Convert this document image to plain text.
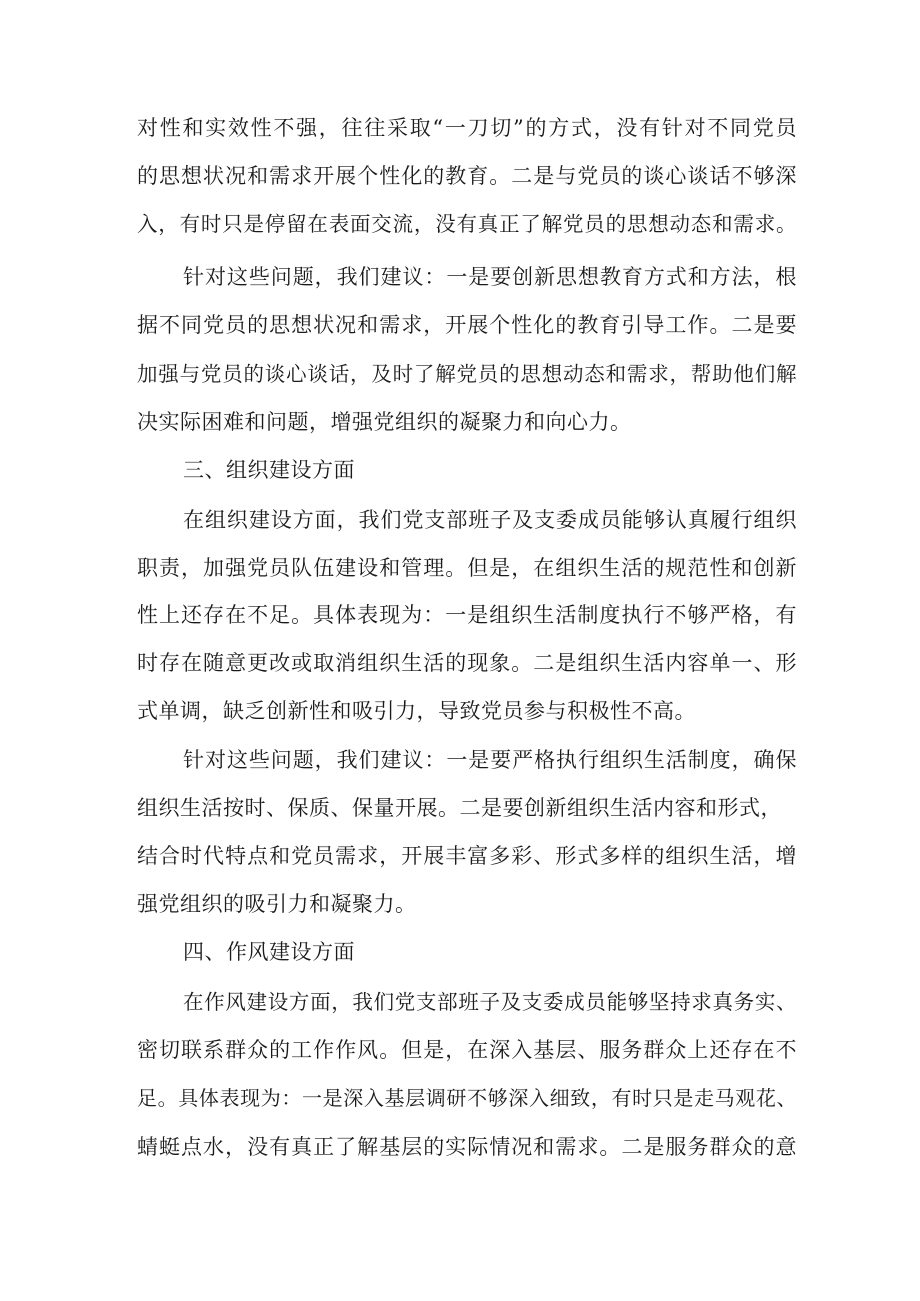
对性和实效性不强，往往采取“一刀切”的方式，没有针对不同党员
的思想状况和需求开展个性化的教育。二是与党员的谈心谈话不够深
入，有时只是停留在表面交流，没有真正了解党员的思想动态和需求。
针对这些问题，我们建议：一是要创新思想教育方式和方法，根
据不同党员的思想状况和需求，开展个性化的教育引导工作。二是要
加强与党员的谈心谈话，及时了解党员的思想动态和需求，帮助他们解
决实际困难和问题，增强党组织的凝聚力和向心力。
三、组织建设方面
在组织建设方面，我们党支部班子及支委成员能够认真履行组织
职责，加强党员队伍建设和管理。但是，在组织生活的规范性和创新
性上还存在不足。具体表现为：一是组织生活制度执行不够严格，有
时存在随意更改或取消组织生活的现象。二是组织生活内容单一、形
式单调，缺乏创新性和吸引力，导致党员参与积极性不高。
针对这些问题，我们建议：一是要严格执行组织生活制度，确保
组织生活按时、保质、保量开展。二是要创新组织生活内容和形式，
结合时代特点和党员需求，开展丰富多彩、形式多样的组织生活，增
强党组织的吸引力和凝聚力。
四、作风建设方面
在作风建设方面，我们党支部班子及支委成员能够坚持求真务实、
密切联系群众的工作作风。但是，在深入基层、服务群众上还存在不
足。具体表现为：一是深入基层调研不够深入细致，有时只是走马观花、
蜻蜓点水，没有真正了解基层的实际情况和需求。二是服务群众的意
